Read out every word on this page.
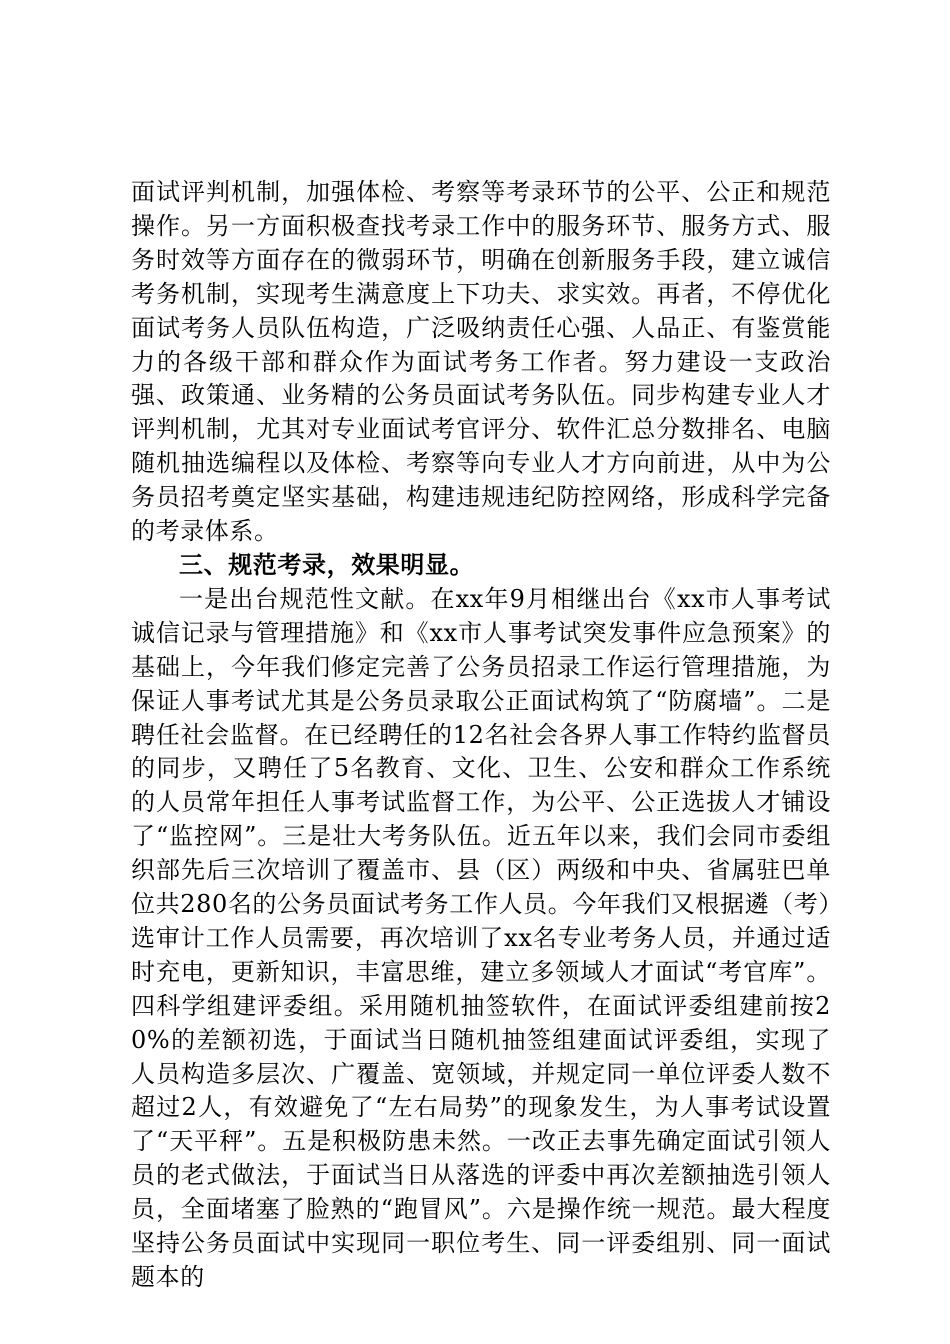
面试评判机制，加强体检、考察等考录环节的公平、公正和规范操作。另一方面积极查找考录工作中的服务环节、服务方式、服务时效等方面存在的微弱环节，明确在创新服务手段，建立诚信考务机制，实现考生满意度上下功夫、求实效。再者，不停优化面试考务人员队伍构造，广泛吸纳责任心强、人品正、有鉴赏能力的各级干部和群众作为面试考务工作者。努力建设一支政治强、政策通、业务精的公务员面试考务队伍。同步构建专业人才评判机制，尤其对专业面试考官评分、软件汇总分数排名、电脑随机抽选编程以及体检、考察等向专业人才方向前进，从中为公务员招考奠定坚实基础，构建违规违纪防控网络，形成科学完备的考录体系。

三、规范考录，效果明显。

一是出台规范性文献。在xx年9月相继出台《xx市人事考试诚信记录与管理措施》和《xx市人事考试突发事件应急预案》的基础上，今年我们修定完善了公务员招录工作运行管理措施，为保证人事考试尤其是公务员录取公正面试构筑了“防腐墙”。二是聘任社会监督。在已经聘任的12名社会各界人事工作特约监督员的同步，又聘任了5名教育、文化、卫生、公安和群众工作系统的人员常年担任人事考试监督工作，为公平、公正选拔人才铺设了“监控网”。三是壮大考务队伍。近五年以来，我们会同市委组织部先后三次培训了覆盖市、县（区）两级和中央、省属驻巴单位共280名的公务员面试考务工作人员。今年我们又根据遴（考）选审计工作人员需要，再次培训了xx名专业考务人员，并通过适时充电，更新知识，丰富思维，建立多领域人才面试“考官库”。四科学组建评委组。采用随机抽签软件，在面试评委组建前按20%的差额初选，于面试当日随机抽签组建面试评委组，实现了人员构造多层次、广覆盖、宽领域，并规定同一单位评委人数不超过2人，有效避免了“左右局势”的现象发生，为人事考试设置了“天平秤”。五是积极防患未然。一改正去事先确定面试引领人员的老式做法，于面试当日从落选的评委中再次差额抽选引领人员，全面堵塞了脸熟的“跑冒风”。六是操作统一规范。最大程度坚持公务员面试中实现同一职位考生、同一评委组别、同一面试题本的
